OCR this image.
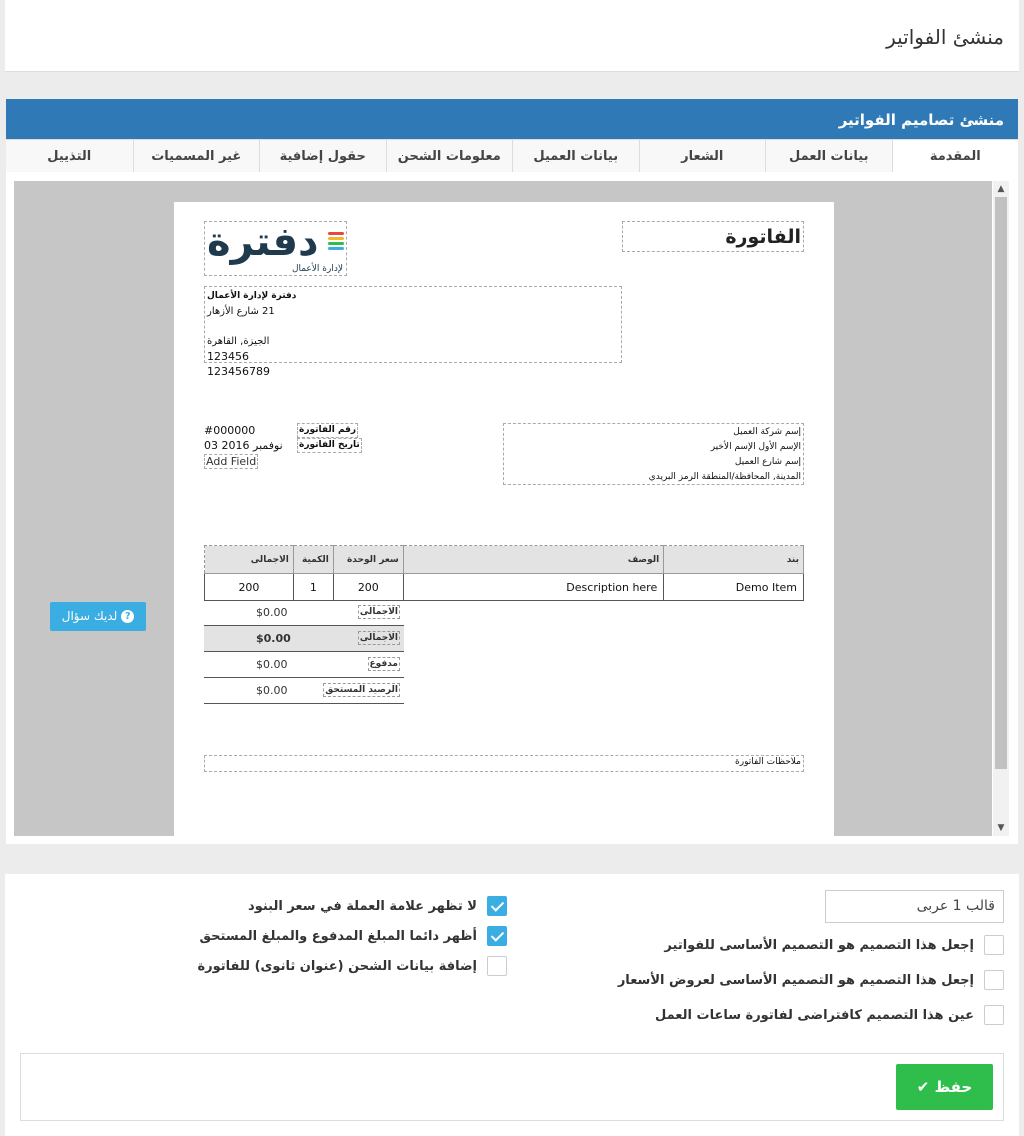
منشئ الفواتير
منشئ تصاميم الفواتير
المقدمة
بيانات العمل
الشعار
بيانات العميل
معلومات الشحن
حقول إضافية
غير المسميات
التذييل
▲
▼
الفاتورة
دفترة
لإدارة الأعمال
دفترة لإدارة الأعمال
21 شارع الأزهار
الجيزة, القاهرة
123456
123456789
#000000	رقم الفاتورة
03 نوفمبر 2016 تاريخ الفاتورة
Add Field
إسم شركة العميل
الإسم الأول الإسم الأخير
إسم شارع العميل
المدينة, المحافظة/المنطقة الرمز البريدي
الاجمالى	الكمية	سعر الوحدة	الوصف	بند
200	1	200	Description here	Demo Item
$0.00	الاجمالى
$0.00	الاجمالى
$0.00	مدفوع
$0.00	الرصيد المستحق
ملاحظات الفاتورة
?لديك سؤال
لا تظهر علامة العملة في سعر البنود
أظهر دائما المبلغ المدفوع والمبلغ المستحق
إضافة بيانات الشحن (عنوان ثانوى) للفاتورة
قالب 1 عربى
إجعل هذا التصميم هو التصميم الأساسى للفواتير
إجعل هذا التصميم هو التصميم الأساسى لعروض الأسعار
عين هذا التصميم كافتراضى لفاتورة ساعات العمل
حفظ ✔
